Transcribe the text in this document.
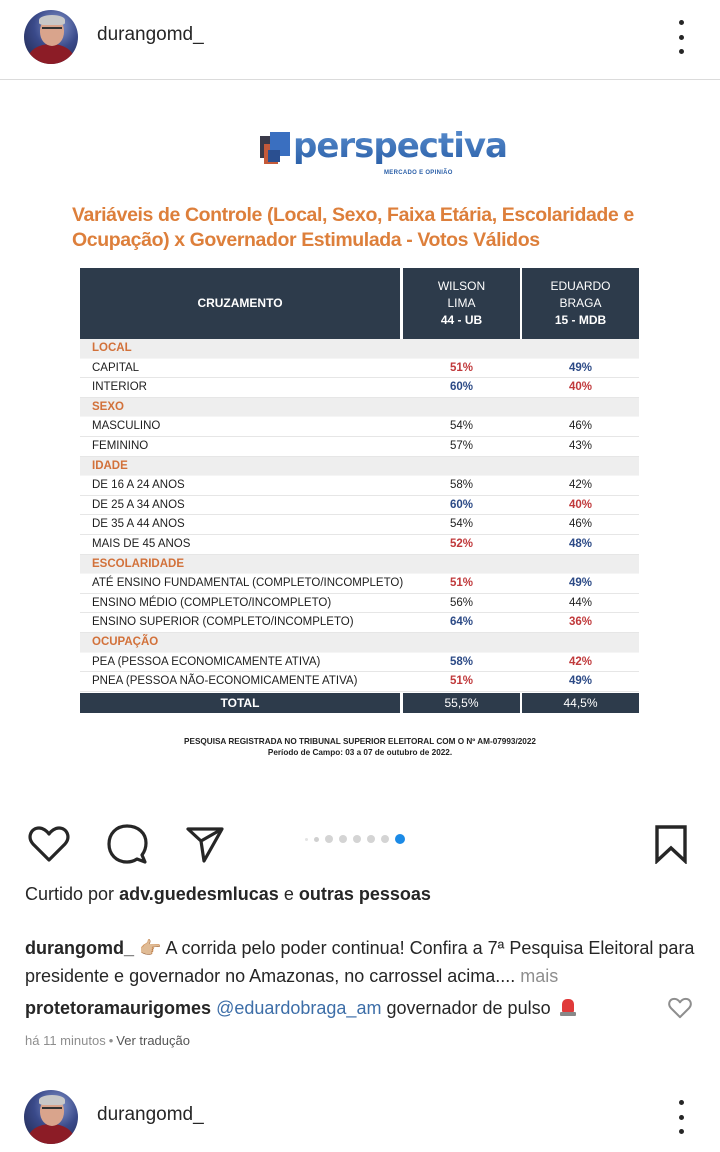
durangomd_
perspectiva
MERCADO E OPINIÃO
Variáveis de Controle (Local, Sexo, Faixa Etária, Escolaridade e Ocupação) x Governador Estimulada - Votos Válidos
CRUZAMENTO
WILSON
LIMA
44 - UB
EDUARDO
BRAGA
15 - MDB
LOCAL
CAPITAL	51%	49%
INTERIOR	60%	40%
SEXO
MASCULINO	54%	46%
FEMININO	57%	43%
IDADE
DE 16 A 24 ANOS	58%	42%
DE 25 A 34 ANOS	60%	40%
DE 35 A 44 ANOS	54%	46%
MAIS DE 45 ANOS	52%	48%
ESCOLARIDADE
ATÉ ENSINO FUNDAMENTAL (COMPLETO/INCOMPLETO)	51%	49%
ENSINO MÉDIO (COMPLETO/INCOMPLETO)	56%	44%
ENSINO SUPERIOR (COMPLETO/INCOMPLETO)	64%	36%
OCUPAÇÃO
PEA (PESSOA ECONOMICAMENTE ATIVA)	58%	42%
PNEA (PESSOA NÃO-ECONOMICAMENTE ATIVA)	51%	49%
TOTAL	55,5%	44,5%
PESQUISA REGISTRADA NO TRIBUNAL SUPERIOR ELEITORAL COM O Nº AM-07993/2022
Período de Campo: 03 a 07 de outubro de 2022.
Curtido por adv.guedesmlucas e outras pessoas
durangomd_ 👉🏼 A corrida pelo poder continua! Confira a 7ª Pesquisa Eleitoral para presidente e governador no Amazonas, no carrossel acima.... mais
protetoramaurigomes @eduardobraga_am governador de pulso
há 11 minutos • Ver tradução
durangomd_
